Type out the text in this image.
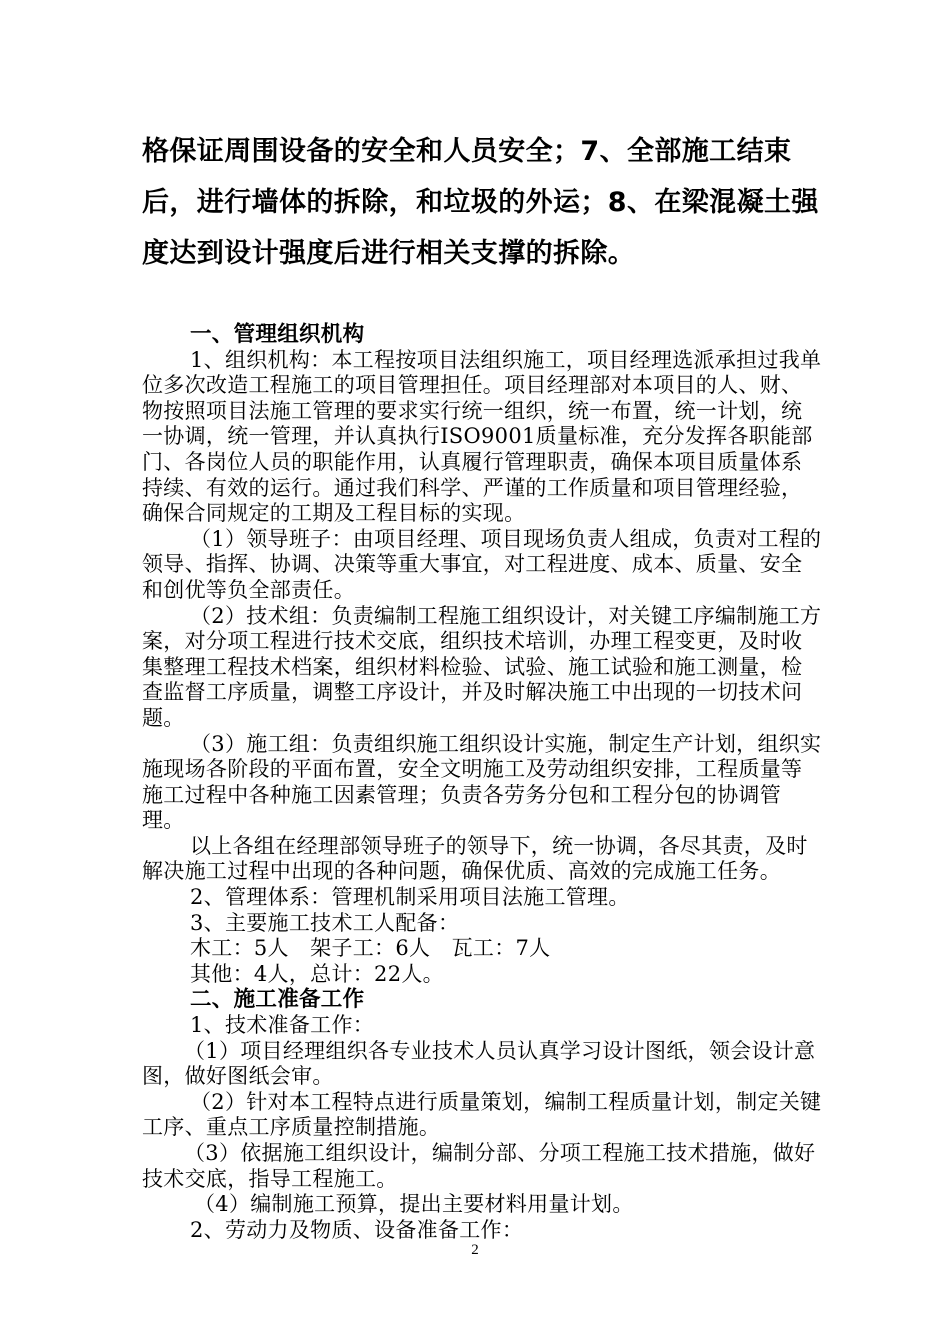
格保证周围设备的安全和人员安全；7、全部施工结束后，进行墙体的拆除，和垃圾的外运；8、在梁混凝土强度达到设计强度后进行相关支撑的拆除。

一、管理组织机构

1、组织机构：本工程按项目法组织施工，项目经理选派承担过我单位多次改造工程施工的项目管理担任。项目经理部对本项目的人、财、物按照项目法施工管理的要求实行统一组织，统一布置，统一计划，统一协调，统一管理，并认真执行ISO9001质量标准，充分发挥各职能部门、各岗位人员的职能作用，认真履行管理职责，确保本项目质量体系持续、有效的运行。通过我们科学、严谨的工作质量和项目管理经验，确保合同规定的工期及工程目标的实现。

（1）领导班子：由项目经理、项目现场负责人组成，负责对工程的领导、指挥、协调、决策等重大事宜，对工程进度、成本、质量、安全和创优等负全部责任。

（2）技术组：负责编制工程施工组织设计，对关键工序编制施工方案，对分项工程进行技术交底，组织技术培训，办理工程变更，及时收集整理工程技术档案，组织材料检验、试验、施工试验和施工测量，检查监督工序质量，调整工序设计，并及时解决施工中出现的一切技术问题。

（3）施工组：负责组织施工组织设计实施，制定生产计划，组织实施现场各阶段的平面布置，安全文明施工及劳动组织安排，工程质量等施工过程中各种施工因素管理；负责各劳务分包和工程分包的协调管理。

以上各组在经理部领导班子的领导下，统一协调，各尽其责，及时解决施工过程中出现的各种问题，确保优质、高效的完成施工任务。

2、管理体系：管理机制采用项目法施工管理。

3、主要施工技术工人配备：

木工：5人　架子工：6人　瓦工：7人

其他：4人，总计：22人。

二、施工准备工作

1、技术准备工作：

（1）项目经理组织各专业技术人员认真学习设计图纸，领会设计意图，做好图纸会审。

（2）针对本工程特点进行质量策划，编制工程质量计划，制定关键工序、重点工序质量控制措施。

（3）依据施工组织设计，编制分部、分项工程施工技术措施，做好技术交底，指导工程施工。

（4）编制施工预算，提出主要材料用量计划。

2、劳动力及物质、设备准备工作：

2
